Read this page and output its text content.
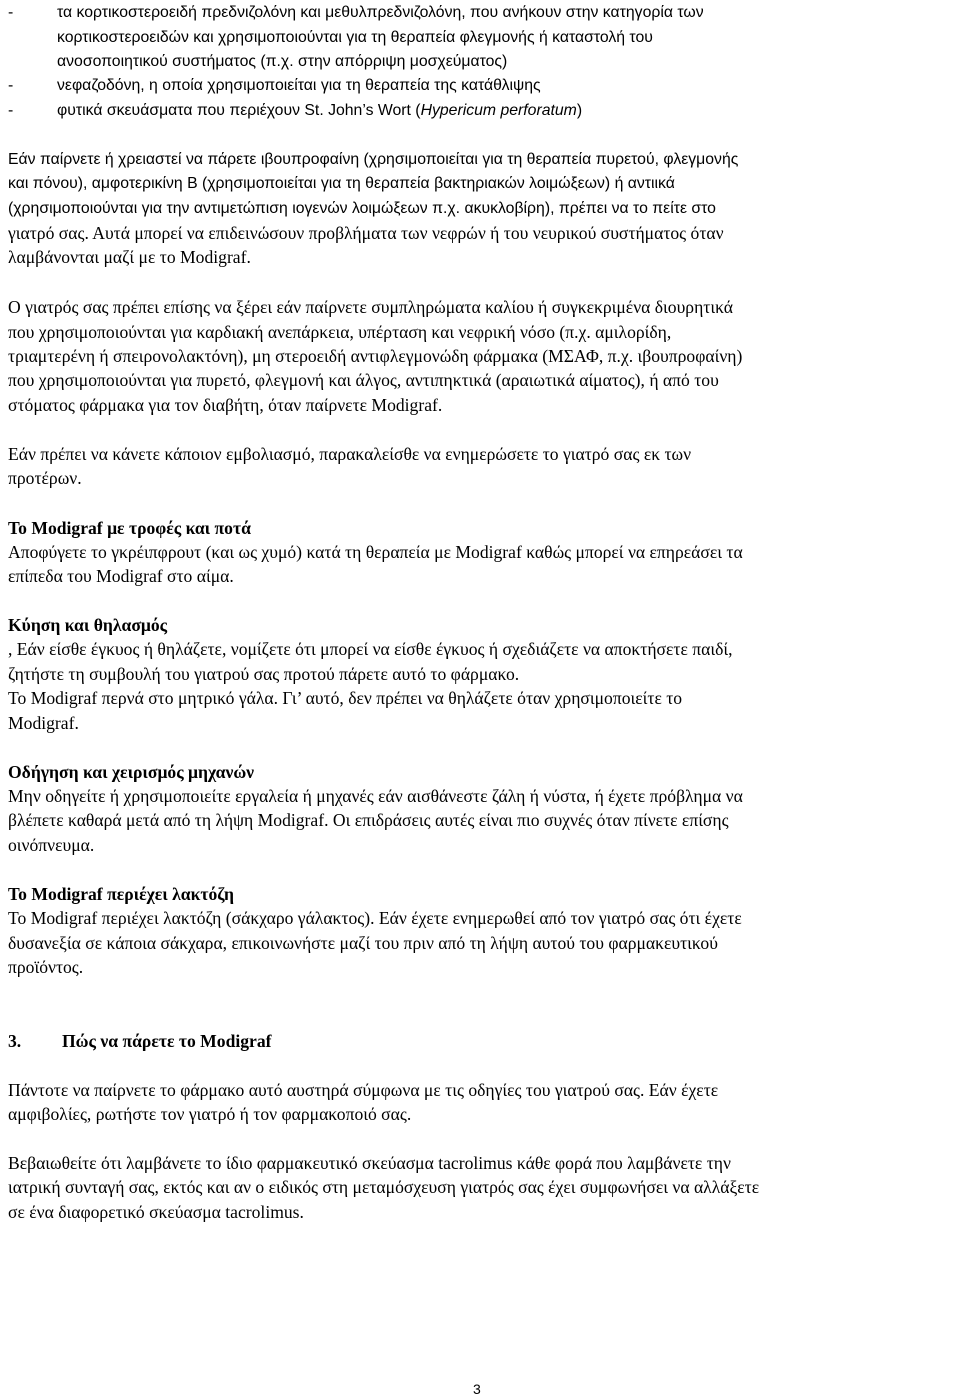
-	τα κορτικοστεροειδή πρεδνιζολόνη και μεθυλπρεδνιζολόνη, που ανήκουν στην κατηγορία των
κορτικοστεροειδών και χρησιμοποιούνται για τη θεραπεία φλεγμονής ή καταστολή του
ανοσοποιητικού συστήματος (π.χ. στην απόρριψη μοσχεύματος)
-	νεφαζοδόνη, η οποία χρησιμοποιείται για τη θεραπεία της κατάθλιψης
-	φυτικά σκευάσματα που περιέχουν St. John’s Wort (Hypericum perforatum)
Εάν παίρνετε ή χρειαστεί να πάρετε ιβουπροφαίνη (χρησιμοποιείται για τη θεραπεία πυρετού, φλεγμονής
και πόνου), αμφοτερικίνη Β (χρησιμοποιείται για τη θεραπεία βακτηριακών λοιμώξεων) ή αντιικά
(χρησιμοποιούνται για την αντιμετώπιση ιογενών λοιμώξεων π.χ. ακυκλοβίρη), πρέπει να το πείτε στο
γιατρό σας. Αυτά μπορεί να επιδεινώσουν προβλήματα των νεφρών ή του νευρικού συστήματος όταν
λαμβάνονται μαζί με το Modigraf.
Ο γιατρός σας πρέπει επίσης να ξέρει εάν παίρνετε συμπληρώματα καλίου ή συγκεκριμένα διουρητικά
που χρησιμοποιούνται για καρδιακή ανεπάρκεια, υπέρταση και νεφρική νόσο (π.χ. αμιλορίδη,
τριαμτερένη ή σπειρονολακτόνη), μη στεροειδή αντιφλεγμονώδη φάρμακα (ΜΣΑΦ, π.χ. ιβουπροφαίνη)
που χρησιμοποιούνται για πυρετό, φλεγμονή και άλγος, αντιπηκτικά (αραιωτικά αίματος), ή από του
στόματος φάρμακα για τον διαβήτη, όταν παίρνετε Modigraf.
Εάν πρέπει να κάνετε κάποιον εμβολιασμό, παρακαλείσθε να ενημερώσετε το γιατρό σας εκ των
προτέρων.
Το Modigraf με τροφές και ποτά
Αποφύγετε το γκρέιπφρουτ (και ως χυμό) κατά τη θεραπεία με Modigraf καθώς μπορεί να επηρεάσει τα
επίπεδα του Modigraf στο αίμα.
Κύηση και θηλασμός
, Εάν είσθε έγκυος ή θηλάζετε, νομίζετε ότι μπορεί να είσθε έγκυος ή σχεδιάζετε να αποκτήσετε παιδί,
ζητήστε τη συμβουλή του γιατρού σας προτού πάρετε αυτό το φάρμακο.
Το Modigraf περνά στο μητρικό γάλα. Γι’ αυτό, δεν πρέπει να θηλάζετε όταν χρησιμοποιείτε το
Modigraf.
Οδήγηση και χειρισμός μηχανών
Μην οδηγείτε ή χρησιμοποιείτε εργαλεία ή μηχανές εάν αισθάνεστε ζάλη ή νύστα, ή έχετε πρόβλημα να
βλέπετε καθαρά μετά από τη λήψη Modigraf. Οι επιδράσεις αυτές είναι πιο συχνές όταν πίνετε επίσης
οινόπνευμα.
Το Modigraf περιέχει λακτόζη
Το Modigraf περιέχει λακτόζη (σάκχαρο γάλακτος). Εάν έχετε ενημερωθεί από τον γιατρό σας ότι έχετε
δυσανεξία σε κάποια σάκχαρα, επικοινωνήστε μαζί του πριν από τη λήψη αυτού του φαρμακευτικού
προϊόντος.
3. Πώς να πάρετε το Modigraf
Πάντοτε να παίρνετε το φάρμακο αυτό αυστηρά σύμφωνα με τις οδηγίες του γιατρού σας. Εάν έχετε
αμφιβολίες, ρωτήστε τον γιατρό ή τον φαρμακοποιό σας.
Βεβαιωθείτε ότι λαμβάνετε το ίδιο φαρμακευτικό σκεύασμα tacrolimus κάθε φορά που λαμβάνετε την
ιατρική συνταγή σας, εκτός και αν ο ειδικός στη μεταμόσχευση γιατρός σας έχει συμφωνήσει να αλλάξετε
σε ένα διαφορετικό σκεύασμα tacrolimus.
3
